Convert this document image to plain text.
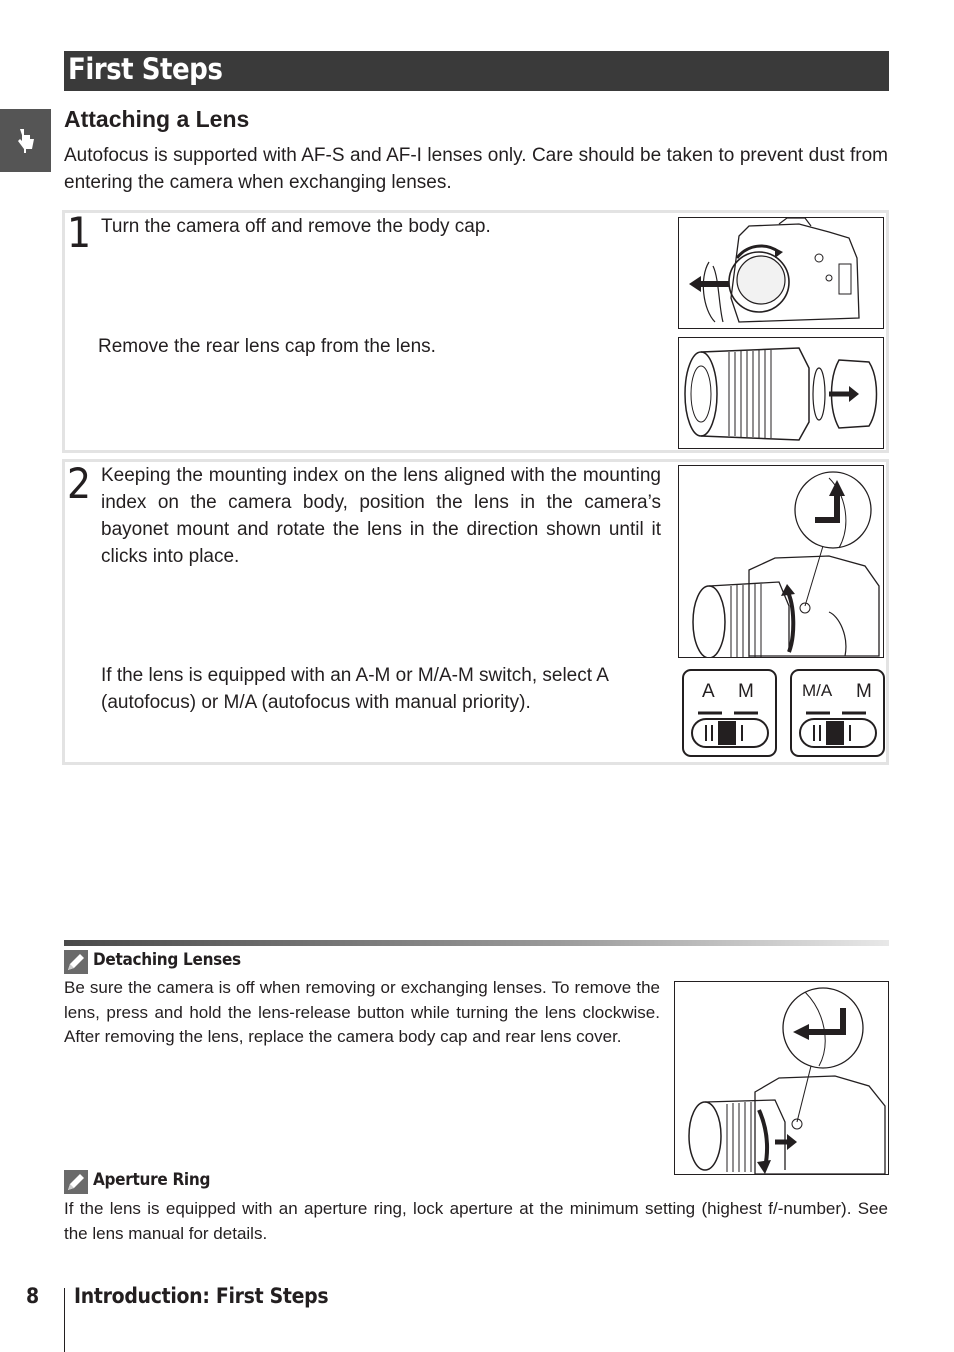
First Steps
Attaching a Lens

Autofocus is supported with AF-S and AF-I lenses only. Care should be taken to prevent dust from entering the camera when exchanging lenses.

1 Turn the camera off and remove the body cap.

Remove the rear lens cap from the lens.

2 Keeping the mounting index on the lens aligned with the mounting index on the camera body, position the lens in the camera’s bayonet mount and rotate the lens in the direction shown until it clicks into place.

If the lens is equipped with an A-M or M/A-M switch, select A (autofocus) or M/A (autofocus with manual priority).

A M	M/A M
Detaching Lenses

Be sure the camera is off when removing or exchanging lenses. To remove the lens, press and hold the lens-release button while turning the lens clockwise. After removing the lens, replace the camera body cap and rear lens cover.

Aperture Ring

If the lens is equipped with an aperture ring, lock aperture at the minimum setting (highest f/-number). See the lens manual for details.

8 Introduction: First Steps
